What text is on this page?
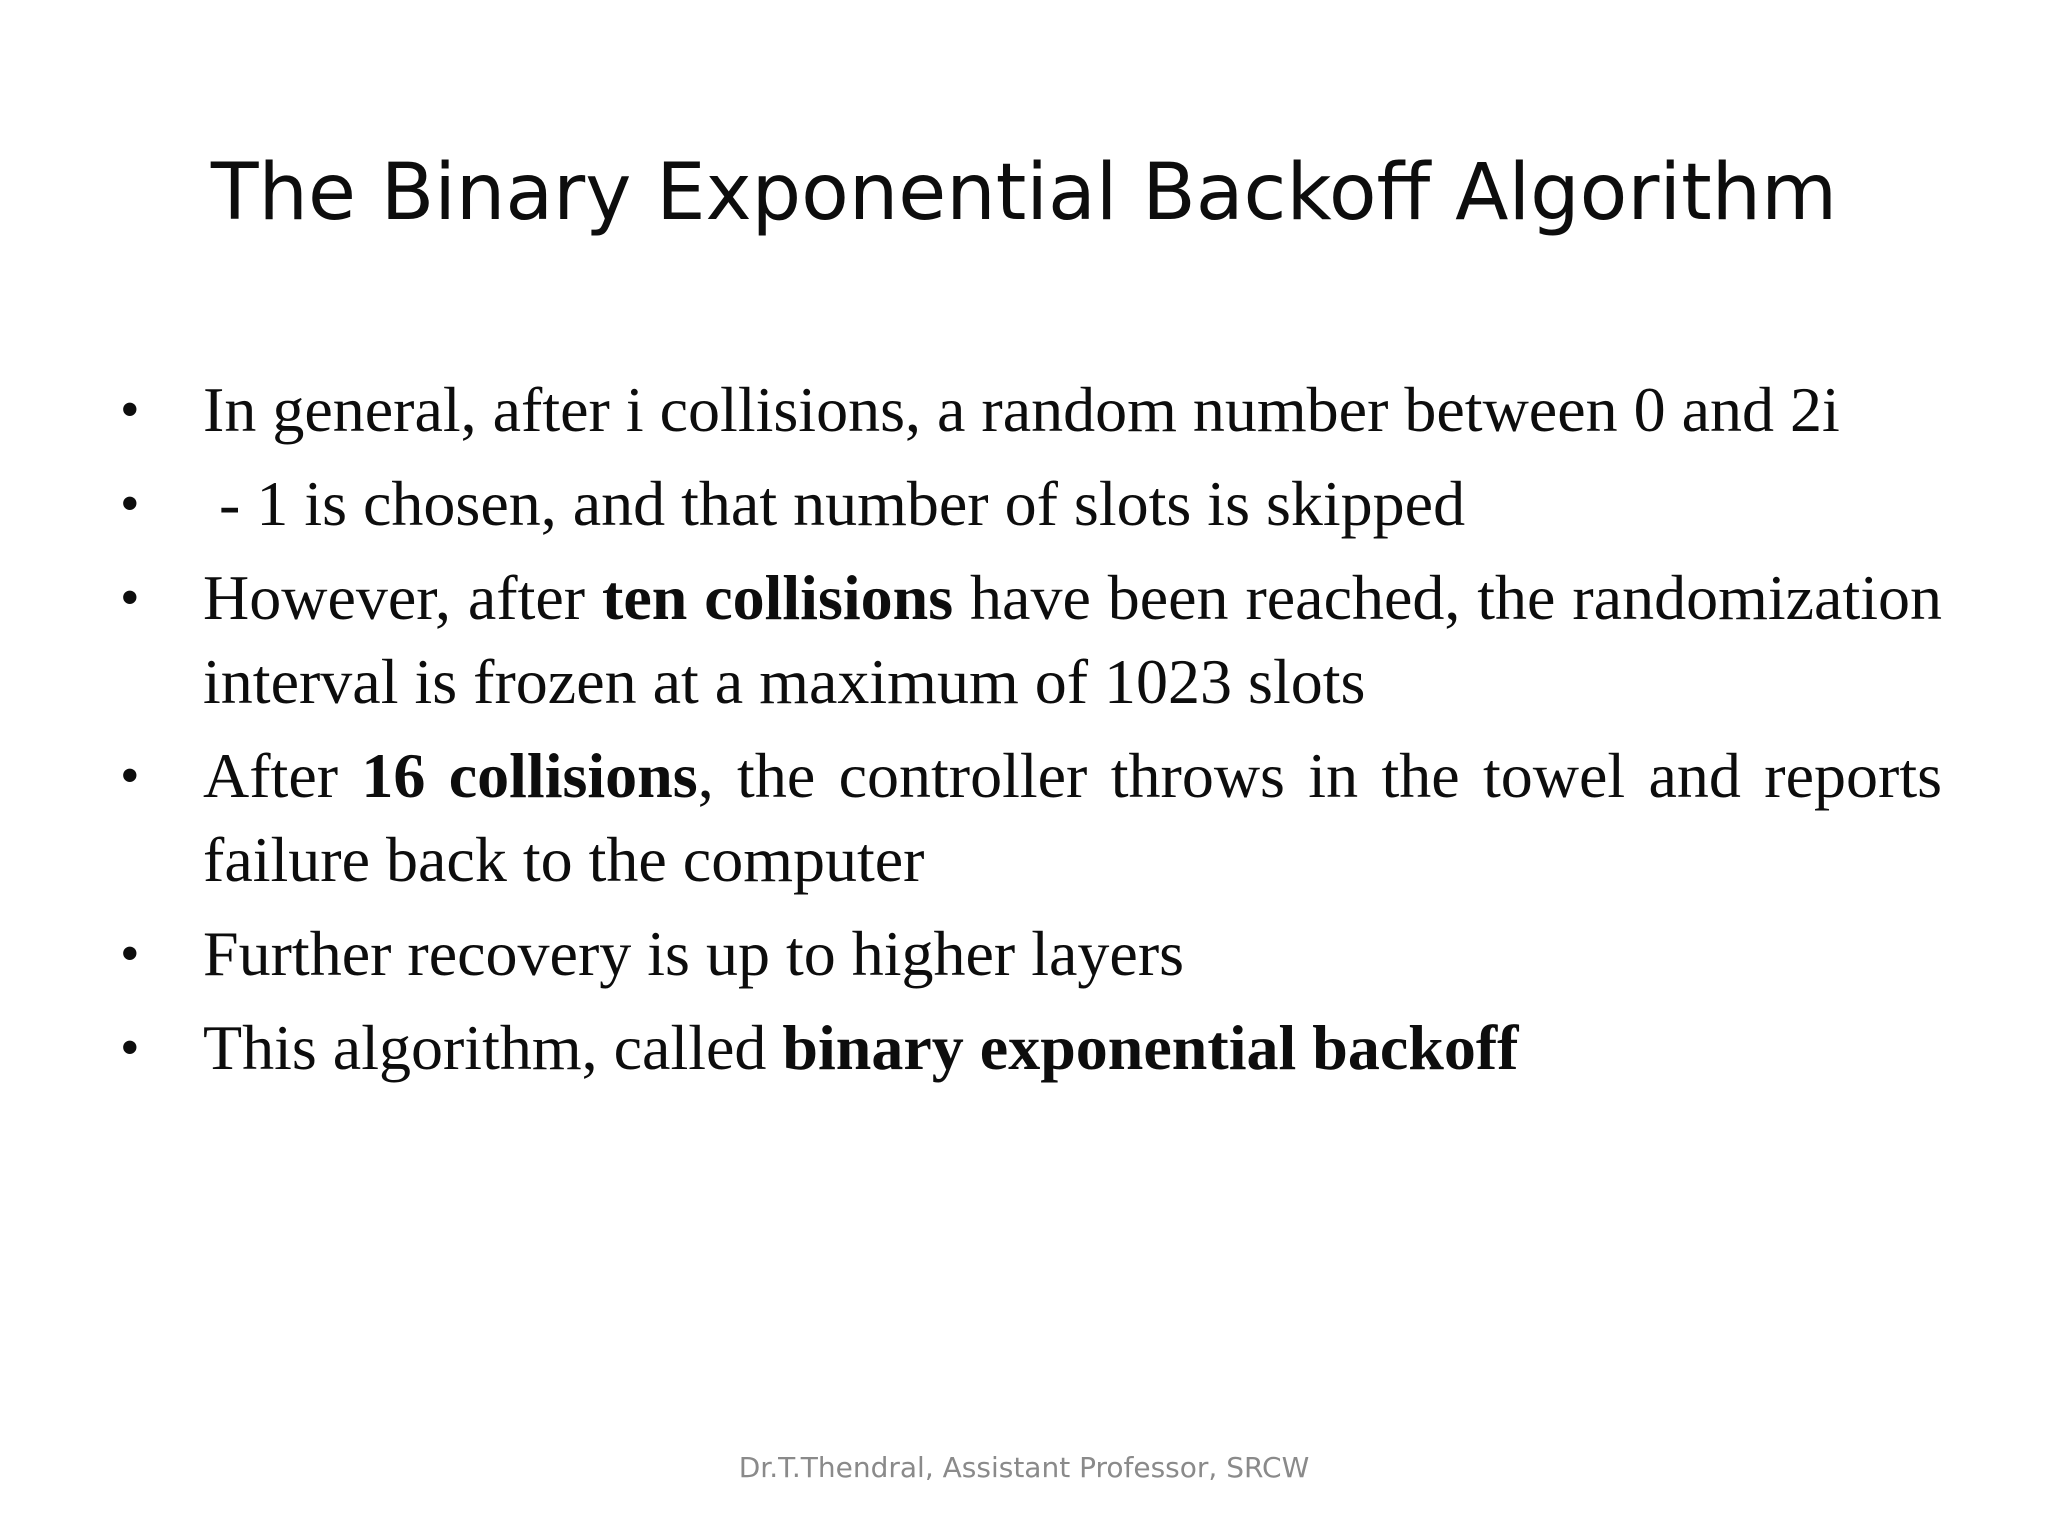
The Binary Exponential Backoff Algorithm
• In general, after i collisions, a random number between 0 and 2i
• - 1 is chosen, and that number of slots is skipped
• However, after ten collisions have been reached, the randomization interval is frozen at a maximum of 1023 slots
• After 16 collisions, the controller throws in the towel and reports failure back to the computer
• Further recovery is up to higher layers
• This algorithm, called binary exponential backoff
Dr.T.Thendral, Assistant Professor, SRCW
